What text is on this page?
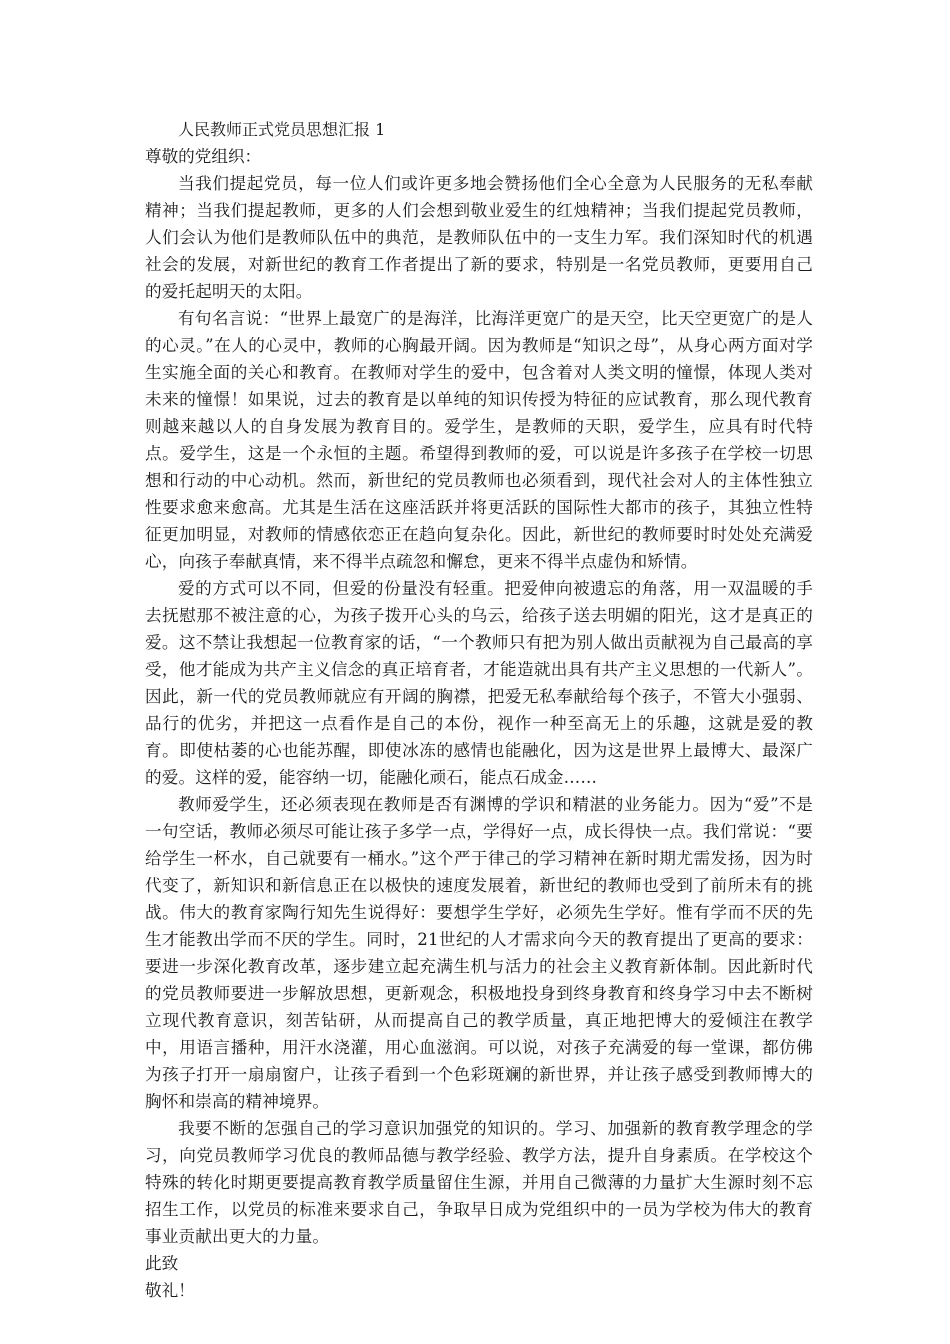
人民教师正式党员思想汇报 1

尊敬的党组织：

当我们提起党员，每一位人们或许更多地会赞扬他们全心全意为人民服务的无私奉献精神；当我们提起教师，更多的人们会想到敬业爱生的红烛精神；当我们提起党员教师，人们会认为他们是教师队伍中的典范，是教师队伍中的一支生力军。我们深知时代的机遇社会的发展，对新世纪的教育工作者提出了新的要求，特别是一名党员教师，更要用自己的爱托起明天的太阳。

有句名言说：“世界上最宽广的是海洋，比海洋更宽广的是天空，比天空更宽广的是人的心灵。”在人的心灵中，教师的心胸最开阔。因为教师是“知识之母”，从身心两方面对学生实施全面的关心和教育。在教师对学生的爱中，包含着对人类文明的憧憬，体现人类对未来的憧憬！如果说，过去的教育是以单纯的知识传授为特征的应试教育，那么现代教育则越来越以人的自身发展为教育目的。爱学生，是教师的天职，爱学生，应具有时代特点。爱学生，这是一个永恒的主题。希望得到教师的爱，可以说是许多孩子在学校一切思想和行动的中心动机。然而，新世纪的党员教师也必须看到，现代社会对人的主体性独立性要求愈来愈高。尤其是生活在这座活跃并将更活跃的国际性大都市的孩子，其独立性特征更加明显，对教师的情感依恋正在趋向复杂化。因此，新世纪的教师要时时处处充满爱心，向孩子奉献真情，来不得半点疏忽和懈怠，更来不得半点虚伪和矫情。

爱的方式可以不同，但爱的份量没有轻重。把爱伸向被遗忘的角落，用一双温暖的手去抚慰那不被注意的心，为孩子拨开心头的乌云，给孩子送去明媚的阳光，这才是真正的爱。这不禁让我想起一位教育家的话，“一个教师只有把为别人做出贡献视为自己最高的享受，他才能成为共产主义信念的真正培育者，才能造就出具有共产主义思想的一代新人”。因此，新一代的党员教师就应有开阔的胸襟，把爱无私奉献给每个孩子，不管大小强弱、品行的优劣，并把这一点看作是自己的本份，视作一种至高无上的乐趣，这就是爱的教育。即使枯萎的心也能苏醒，即使冰冻的感情也能融化，因为这是世界上最博大、最深广的爱。这样的爱，能容纳一切，能融化顽石，能点石成金……

教师爱学生，还必须表现在教师是否有渊博的学识和精湛的业务能力。因为“爱”不是一句空话，教师必须尽可能让孩子多学一点，学得好一点，成长得快一点。我们常说：“要给学生一杯水，自己就要有一桶水。”这个严于律己的学习精神在新时期尤需发扬，因为时代变了，新知识和新信息正在以极快的速度发展着，新世纪的教师也受到了前所未有的挑战。伟大的教育家陶行知先生说得好：要想学生学好，必须先生学好。惟有学而不厌的先生才能教出学而不厌的学生。同时，21世纪的人才需求向今天的教育提出了更高的要求：要进一步深化教育改革，逐步建立起充满生机与活力的社会主义教育新体制。因此新时代的党员教师要进一步解放思想，更新观念，积极地投身到终身教育和终身学习中去不断树立现代教育意识，刻苦钻研，从而提高自己的教学质量，真正地把博大的爱倾注在教学中，用语言播种，用汗水浇灌，用心血滋润。可以说，对孩子充满爱的每一堂课，都仿佛为孩子打开一扇扇窗户，让孩子看到一个色彩斑斓的新世界，并让孩子感受到教师博大的胸怀和崇高的精神境界。

我要不断的怎强自己的学习意识加强党的知识的。学习、加强新的教育教学理念的学习，向党员教师学习优良的教师品德与教学经验、教学方法，提升自身素质。在学校这个特殊的转化时期更要提高教育教学质量留住生源，并用自己微薄的力量扩大生源时刻不忘招生工作，以党员的标准来要求自己，争取早日成为党组织中的一员为学校为伟大的教育事业贡献出更大的力量。

此致

敬礼！
